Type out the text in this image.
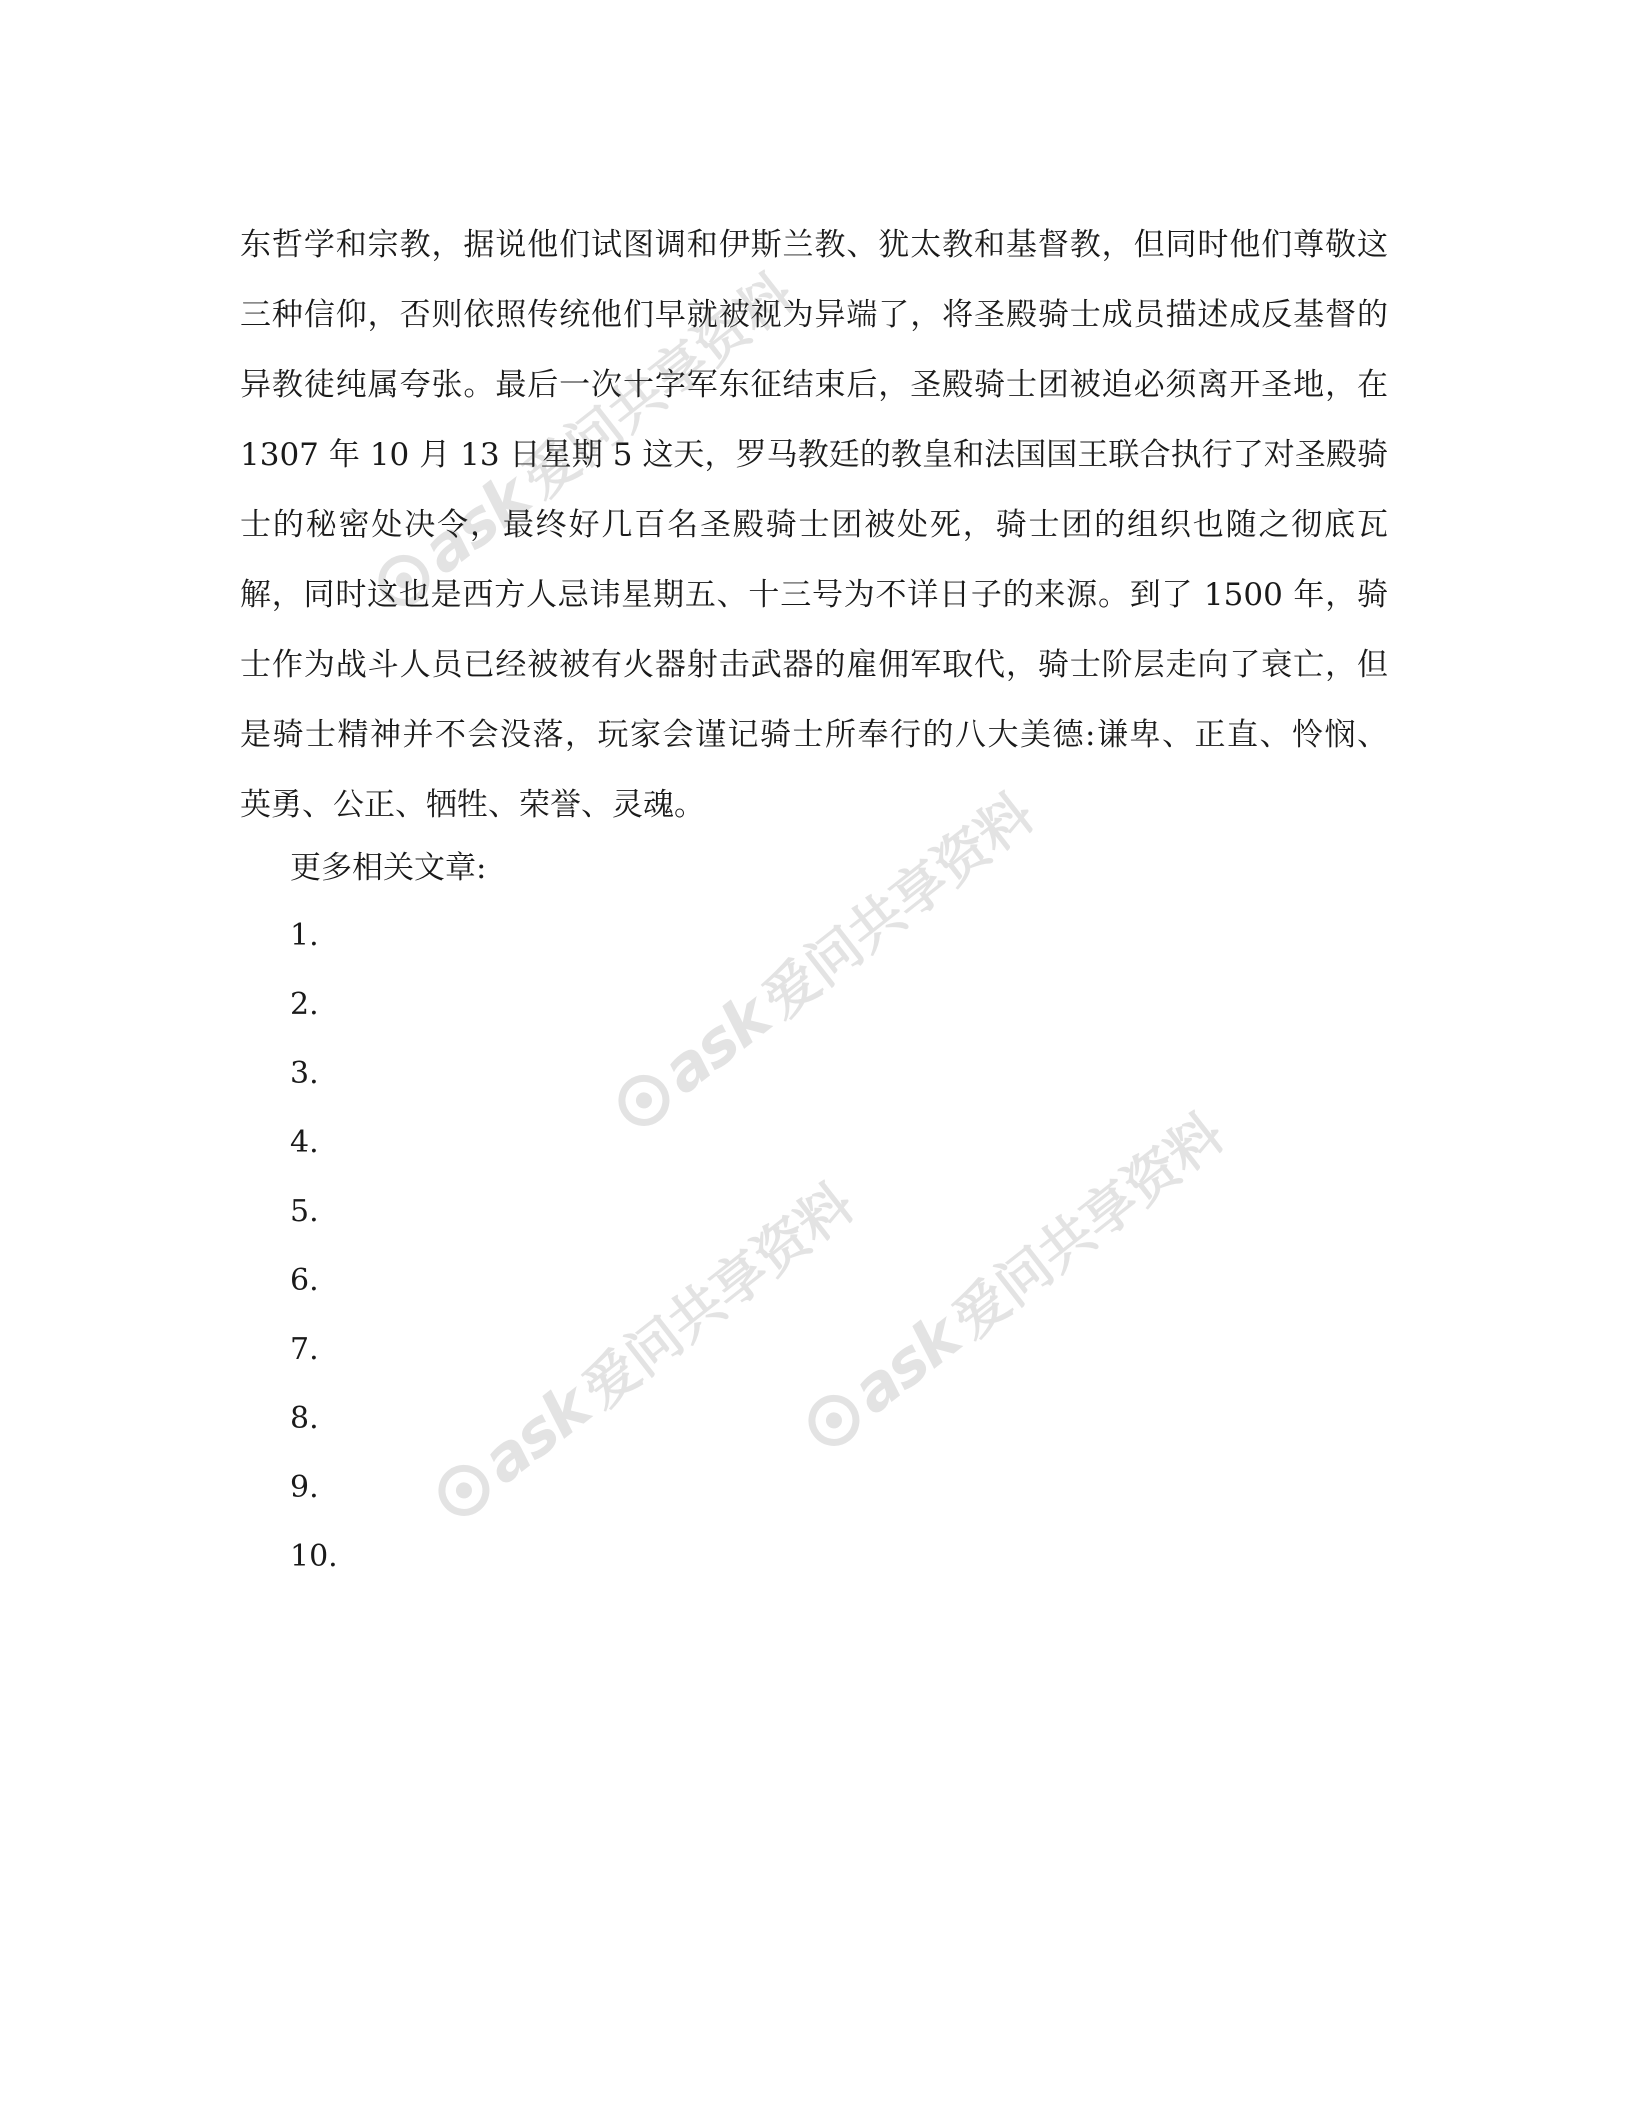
东哲学和宗教，据说他们试图调和伊斯兰教、犹太教和基督教，但同时他们尊敬这
三种信仰，否则依照传统他们早就被视为异端了，将圣殿骑士成员描述成反基督的
异教徒纯属夸张。最后一次十字军东征结束后，圣殿骑士团被迫必须离开圣地，在
1307 年 10 月 13 日星期 5 这天，罗马教廷的教皇和法国国王联合执行了对圣殿骑
士的秘密处决令，最终好几百名圣殿骑士团被处死，骑士团的组织也随之彻底瓦
解，同时这也是西方人忌讳星期五、十三号为不详日子的来源。到了 1500 年，骑
士作为战斗人员已经被被有火器射击武器的雇佣军取代，骑士阶层走向了衰亡，但
是骑士精神并不会没落，玩家会谨记骑士所奉行的八大美德:谦卑、正直、怜悯、
英勇、公正、牺牲、荣誉、灵魂。
更多相关文章:
1.
2.
3.
4.
5.
6.
7.
8.
9.
10.
ask
爱问共享资料
ask
爱问共享资料
ask
爱问共享资料
ask
爱问共享资料
